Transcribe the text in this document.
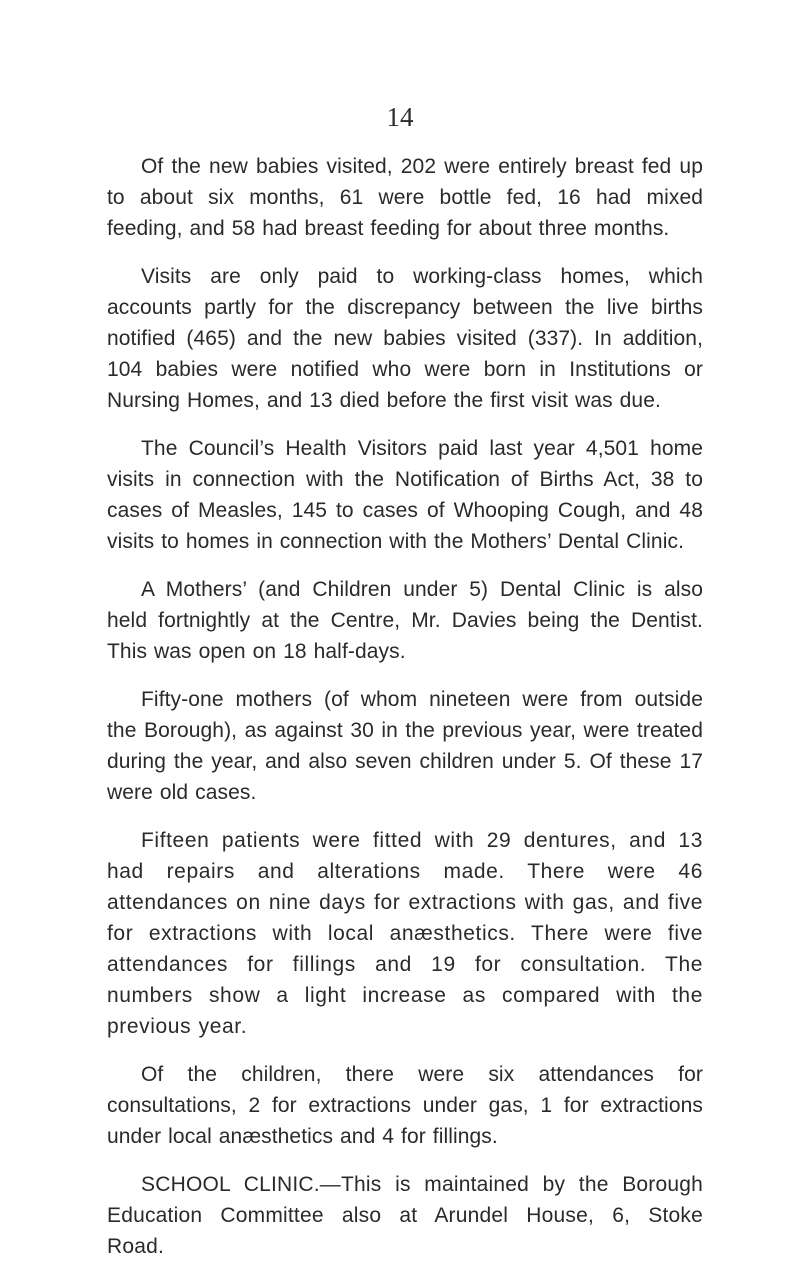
14

Of the new babies visited, 202 were entirely breast fed up to about six months, 61 were bottle fed, 16 had mixed feeding, and 58 had breast feeding for about three months.

Visits are only paid to working-class homes, which accounts partly for the discrepancy between the live births notified (465) and the new babies visited (337). In addition, 104 babies were notified who were born in Institutions or Nursing Homes, and 13 died before the first visit was due.

The Council’s Health Visitors paid last year 4,501 home visits in connection with the Notification of Births Act, 38 to cases of Measles, 145 to cases of Whooping Cough, and 48 visits to homes in connection with the Mothers’ Dental Clinic.

A Mothers’ (and Children under 5) Dental Clinic is also held fortnightly at the Centre, Mr. Davies being the Dentist. This was open on 18 half-days.

Fifty-one mothers (of whom nineteen were from outside the Borough), as against 30 in the previous year, were treated during the year, and also seven children under 5. Of these 17 were old cases.

Fifteen patients were fitted with 29 dentures, and 13 had repairs and alterations made. There were 46 attendances on nine days for extractions with gas, and five for extractions with local anæsthetics. There were five attendances for fillings and 19 for consultation. The numbers show a light increase as compared with the previous year.

Of the children, there were six attendances for consultations, 2 for extractions under gas, 1 for extractions under local anæsthetics and 4 for fillings.

SCHOOL CLINIC.—This is maintained by the Borough Education Committee also at Arundel House, 6, Stoke Road.
